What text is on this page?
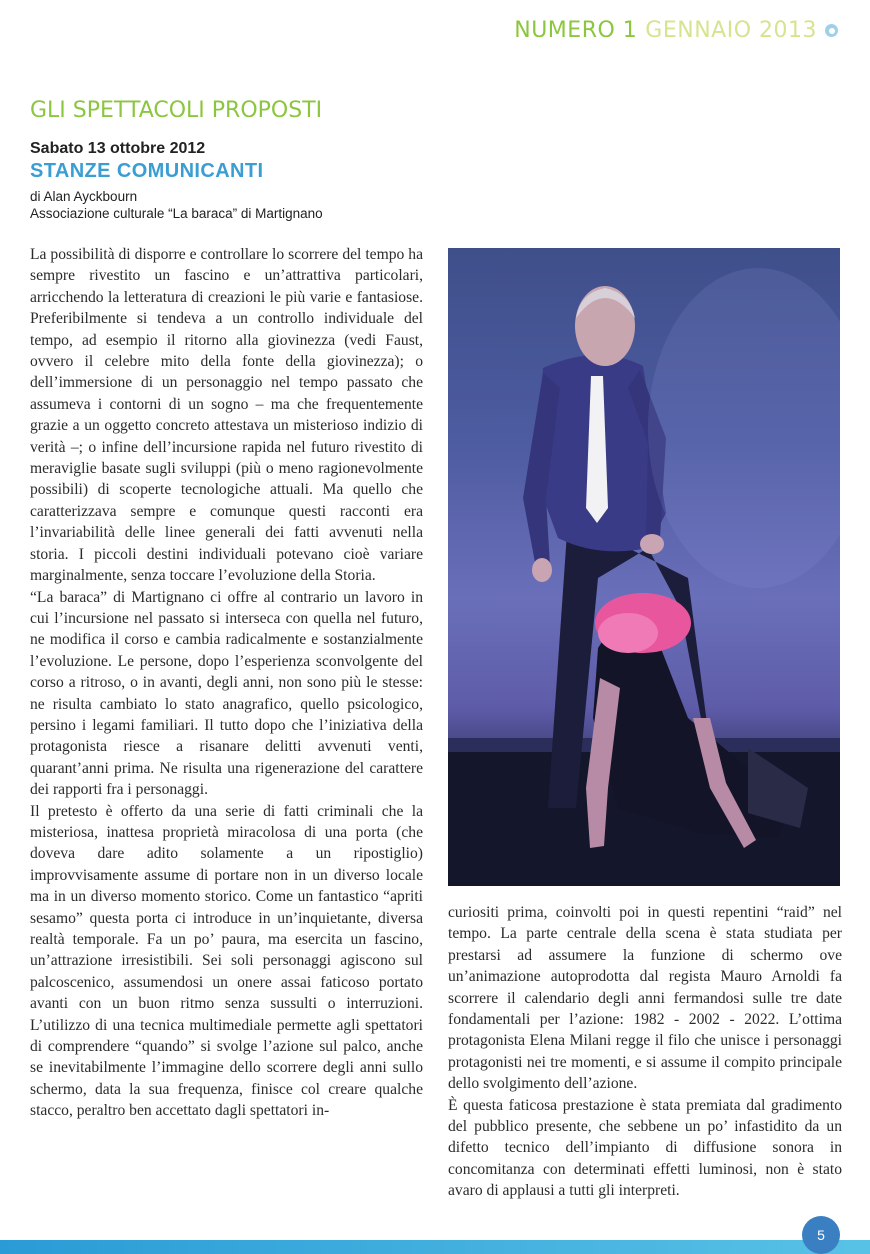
NUMERO 1 GENNAIO 2013
GLI SPETTACOLI PROPOSTI
Sabato 13 ottobre 2012
STANZE COMUNICANTI
di Alan Ayckbourn
Associazione culturale “La baraca” di Martignano

La possibilità di disporre e controllare lo scorrere del tempo ha sempre rivestito un fascino e un’attrattiva particolari, arricchendo la letteratura di creazioni le più varie e fantasiose. Preferibilmente si tendeva a un controllo individuale del tempo, ad esempio il ritorno alla giovinezza (vedi Faust, ovvero il celebre mito della fonte della giovinezza); o dell’immersione di un personaggio nel tempo passato che assumeva i contorni di un sogno – ma che frequentemente grazie a un oggetto concreto attestava un misterioso indizio di verità –; o infine dell’incursione rapida nel futuro rivestito di meraviglie basate sugli sviluppi (più o meno ragionevolmente possibili) di scoperte tecnologiche attuali. Ma quello che caratterizzava sempre e comunque questi racconti era l’invariabilità delle linee generali dei fatti avvenuti nella storia. I piccoli destini individuali potevano cioè variare marginalmente, senza toccare l’evoluzione della Storia.

“La baraca” di Martignano ci offre al contrario un lavoro in cui l’incursione nel passato si interseca con quella nel futuro, ne modifica il corso e cambia radicalmente e sostanzialmente l’evoluzione. Le persone, dopo l’esperienza sconvolgente del corso a ritroso, o in avanti, degli anni, non sono più le stesse: ne risulta cambiato lo stato anagrafico, quello psicologico, persino i legami familiari. Il tutto dopo che l’iniziativa della protagonista riesce a risanare delitti avvenuti venti, quarant’anni prima. Ne risulta una rigenerazione del carattere dei rapporti fra i personaggi.

Il pretesto è offerto da una serie di fatti criminali che la misteriosa, inattesa proprietà miracolosa di una porta (che doveva dare adito solamente a un ripostiglio) improvvisamente assume di portare non in un diverso locale ma in un diverso momento storico. Come un fantastico “apriti sesamo” questa porta ci introduce in un’inquietante, diversa realtà temporale. Fa un po’ paura, ma esercita un fascino, un’attrazione irresistibili. Sei soli personaggi agiscono sul palcoscenico, assumendosi un onere assai faticoso portato avanti con un buon ritmo senza sussulti o interruzioni. L’utilizzo di una tecnica multimediale permette agli spettatori di comprendere “quando” si svolge l’azione sul palco, anche se inevitabilmente l’immagine dello scorrere degli anni sullo schermo, data la sua frequenza, finisce col creare qualche stacco, peraltro ben accettato dagli spettatori in-

curiositi prima, coinvolti poi in questi repentini “raid” nel tempo. La parte centrale della scena è stata studiata per prestarsi ad assumere la funzione di schermo ove un’animazione autoprodotta dal regista Mauro Arnoldi fa scorrere il calendario degli anni fermandosi sulle tre date fondamentali per l’azione: 1982 - 2002 - 2022. L’ottima protagonista Elena Milani regge il filo che unisce i personaggi protagonisti nei tre momenti, e si assume il compito principale dello svolgimento dell’azione.

È questa faticosa prestazione è stata premiata dal gradimento del pubblico presente, che sebbene un po’ infastidito da un difetto tecnico dell’impianto di diffusione sonora in concomitanza con determinati effetti luminosi, non è stato avaro di applausi a tutti gli interpreti.

5
